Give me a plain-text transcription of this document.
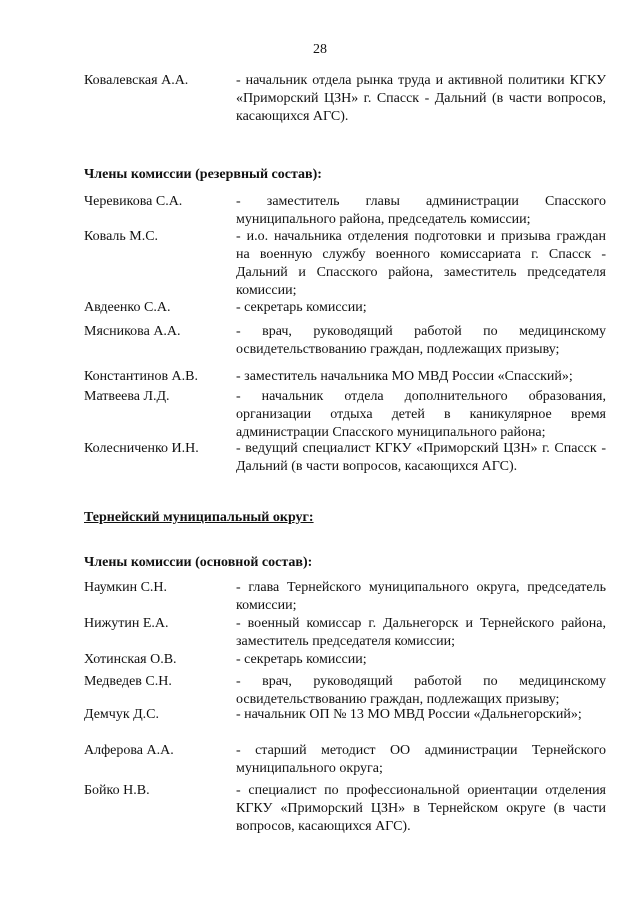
28
Ковалевская А.А.	- начальник отдела рынка труда и активной политики КГКУ «Приморский ЦЗН» г. Спасск - Дальний (в части вопросов, касающихся АГС).
Члены комиссии (резервный состав):
Черевикова С.А.	- заместитель главы администрации Спасского муниципального района, председатель комиссии;
Коваль М.С.	- и.о. начальника отделения подготовки и призыва граждан на военную службу военного комиссариата г. Спасск - Дальний и Спасского района, заместитель председателя комиссии;
Авдеенко С.А.	- секретарь комиссии;
Мясникова А.А.	- врач, руководящий работой по медицинскому освидетельствованию граждан, подлежащих призыву;
Константинов А.В.	- заместитель начальника МО МВД России «Спасский»;
Матвеева Л.Д.	- начальник отдела дополнительного образования, организации отдыха детей в каникулярное время администрации Спасского муниципального района;
Колесниченко И.Н.	- ведущий специалист КГКУ «Приморский ЦЗН» г. Спасск - Дальний (в части вопросов, касающихся АГС).
Тернейский муниципальный округ:
Члены комиссии (основной состав):
Наумкин С.Н.	- глава Тернейского муниципального округа, председатель комиссии;
Нижутин Е.А.	- военный комиссар г. Дальнегорск и Тернейского района, заместитель председателя комиссии;
Хотинская О.В.	- секретарь комиссии;
Медведев С.Н.	- врач, руководящий работой по медицинскому освидетельствованию граждан, подлежащих призыву;
Демчук Д.С.	- начальник ОП № 13 МО МВД России «Дальнегорский»;
Алферова А.А.	- старший методист ОО администрации Тернейского муниципального округа;
Бойко Н.В.	- специалист по профессиональной ориентации отделения КГКУ «Приморский ЦЗН» в Тернейском округе (в части вопросов, касающихся АГС).
